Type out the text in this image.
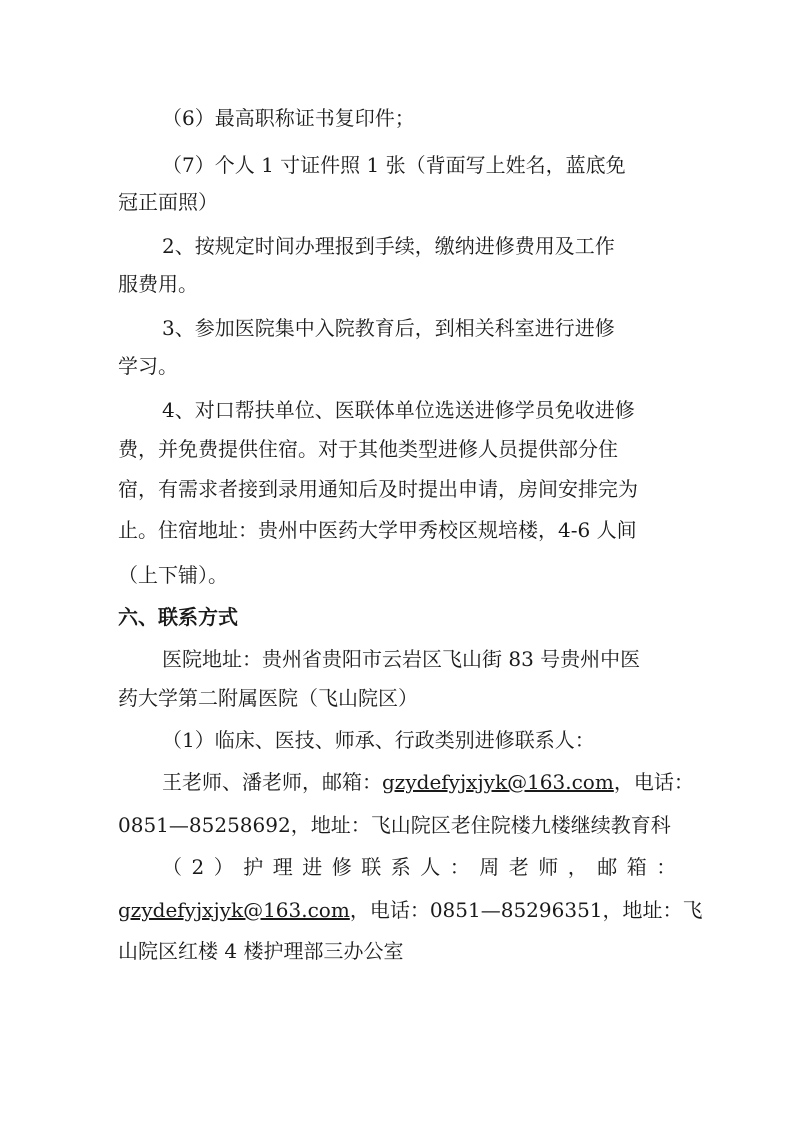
（6）最高职称证书复印件；
（7）个人 1 寸证件照 1 张（背面写上姓名，蓝底免
冠正面照）
2、按规定时间办理报到手续，缴纳进修费用及工作
服费用。
3、参加医院集中入院教育后，到相关科室进行进修
学习。
4、对口帮扶单位、医联体单位选送进修学员免收进修
费，并免费提供住宿。对于其他类型进修人员提供部分住
宿，有需求者接到录用通知后及时提出申请，房间安排完为
止。住宿地址：贵州中医药大学甲秀校区规培楼，4-6 人间
（上下铺）。
六、联系方式
医院地址：贵州省贵阳市云岩区飞山街 83 号贵州中医
药大学第二附属医院（飞山院区）
（1）临床、医技、师承、行政类别进修联系人：
王老师、潘老师，邮箱：gzydefyjxjyk@163.com，电话：
0851—85258692，地址：飞山院区老住院楼九楼继续教育科
（2）护理进修联系人：周老师，邮箱：
gzydefyjxjyk@163.com，电话：0851—85296351，地址：飞
山院区红楼 4 楼护理部三办公室
